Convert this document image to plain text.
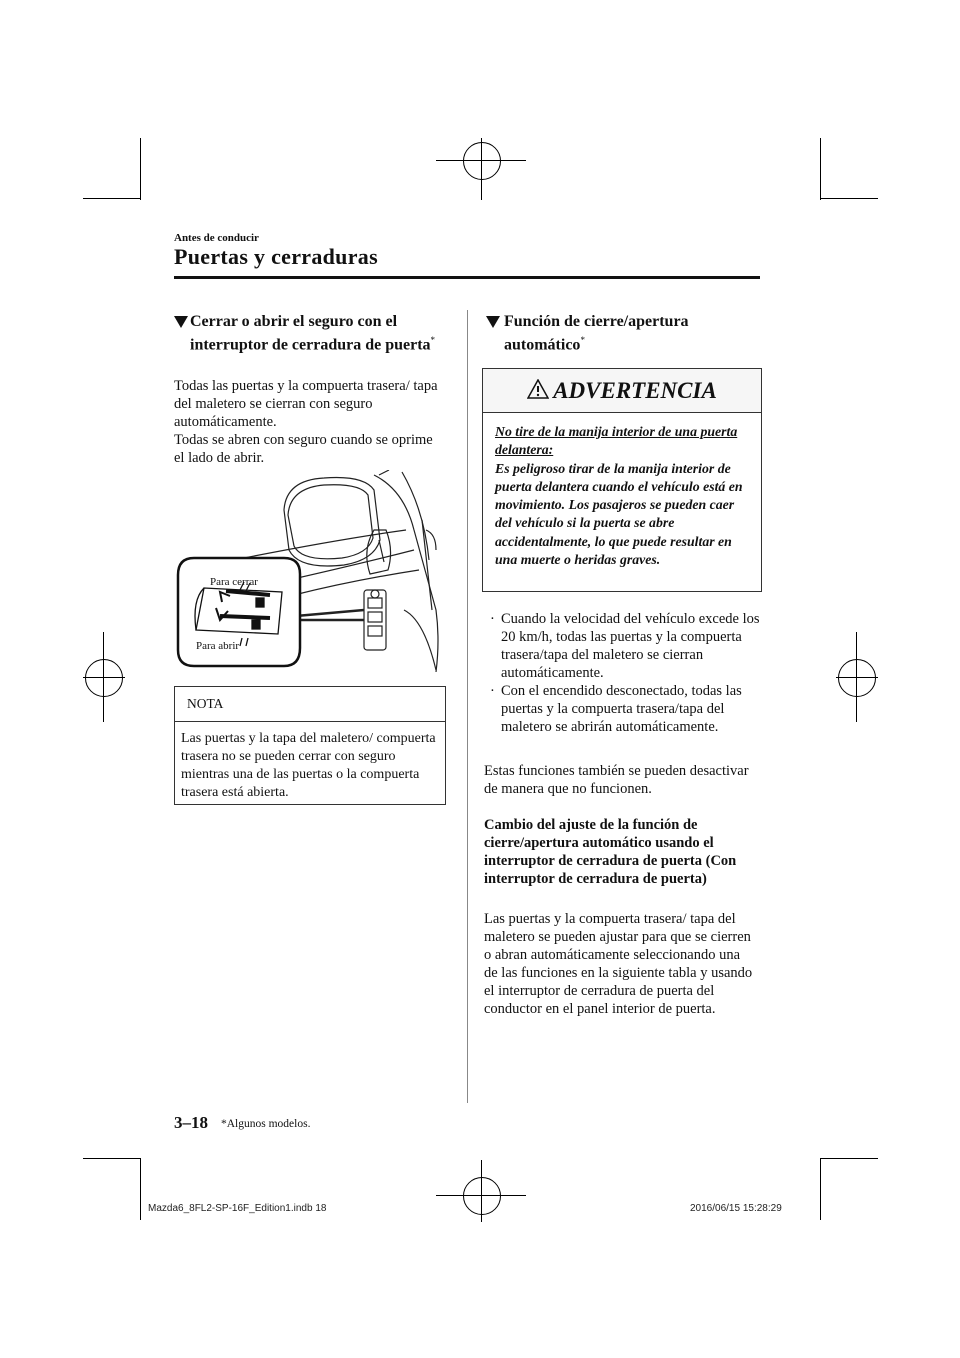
Antes de conducir
Puertas y cerraduras
Cerrar o abrir el seguro con el interruptor de cerradura de puerta*

Todas las puertas y la compuerta trasera/ tapa del maletero se cierran con seguro automáticamente.

Todas se abren con seguro cuando se oprime el lado de abrir.

Para cerrar
Para abrir
NOTA
Las puertas y la tapa del maletero/ compuerta trasera no se pueden cerrar con seguro mientras una de las puertas o la compuerta trasera está abierta.
Función de cierre/apertura automático*
ADVERTENCIA
No tire de la manija interior de una puerta delantera:
Es peligroso tirar de la manija interior de puerta delantera cuando el vehículo está en movimiento. Los pasajeros se pueden caer del vehículo si la puerta se abre accidentalmente, lo que puede resultar en una muerte o heridas graves.
· Cuando la velocidad del vehículo excede los 20 km/h, todas las puertas y la compuerta trasera/tapa del maletero se cierran automáticamente.
· Con el encendido desconectado, todas las puertas y la compuerta trasera/tapa del maletero se abrirán automáticamente.
Estas funciones también se pueden desactivar de manera que no funcionen.
Cambio del ajuste de la función de cierre/apertura automático usando el interruptor de cerradura de puerta (Con interruptor de cerradura de puerta)
Las puertas y la compuerta trasera/ tapa del maletero se pueden ajustar para que se cierren o abran automáticamente seleccionando una de las funciones en la siguiente tabla y usando el interruptor de cerradura de puerta del conductor en el panel interior de puerta.
3–18 *Algunos modelos.
Mazda6_8FL2-SP-16F_Edition1.indb 18	2016/06/15 15:28:29
